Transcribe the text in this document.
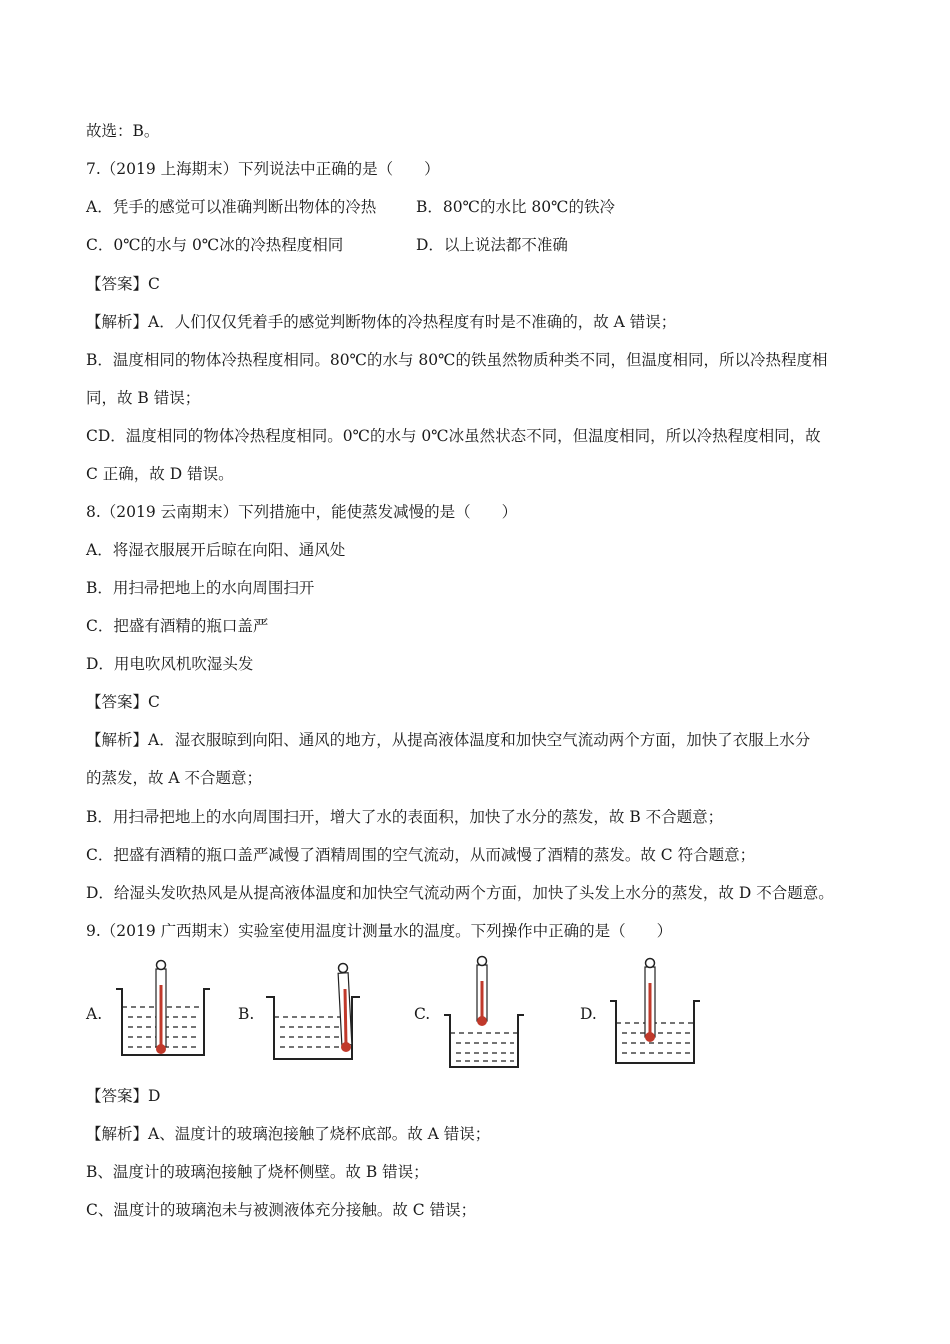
故选：B。
7.（2019 上海期末）下列说法中正确的是（　　）
A．凭手的感觉可以准确判断出物体的冷热	B．80℃的水比 80℃的铁冷
C．0℃的水与 0℃冰的冷热程度相同	D．以上说法都不准确
【答案】C
【解析】A．人们仅仅凭着手的感觉判断物体的冷热程度有时是不准确的，故 A 错误；
B．温度相同的物体冷热程度相同。80℃的水与 80℃的铁虽然物质种类不同，但温度相同，所以冷热程度相
同，故 B 错误；
CD．温度相同的物体冷热程度相同。0℃的水与 0℃冰虽然状态不同，但温度相同，所以冷热程度相同，故
C 正确，故 D 错误。
8.（2019 云南期末）下列措施中，能使蒸发减慢的是（　　）
A．将湿衣服展开后晾在向阳、通风处
B．用扫帚把地上的水向周围扫开
C．把盛有酒精的瓶口盖严
D．用电吹风机吹湿头发
【答案】C
【解析】A．湿衣服晾到向阳、通风的地方，从提高液体温度和加快空气流动两个方面，加快了衣服上水分
的蒸发，故 A 不合题意；
B．用扫帚把地上的水向周围扫开，增大了水的表面积，加快了水分的蒸发，故 B 不合题意；
C．把盛有酒精的瓶口盖严减慢了酒精周围的空气流动，从而减慢了酒精的蒸发。故 C 符合题意；
D．给湿头发吹热风是从提高液体温度和加快空气流动两个方面，加快了头发上水分的蒸发，故 D 不合题意。
9.（2019 广西期末）实验室使用温度计测量水的温度。下列操作中正确的是（　　）
A.	B.	C.	D.
【答案】D
【解析】A、温度计的玻璃泡接触了烧杯底部。故 A 错误；
B、温度计的玻璃泡接触了烧杯侧壁。故 B 错误；
C、温度计的玻璃泡未与被测液体充分接触。故 C 错误；
